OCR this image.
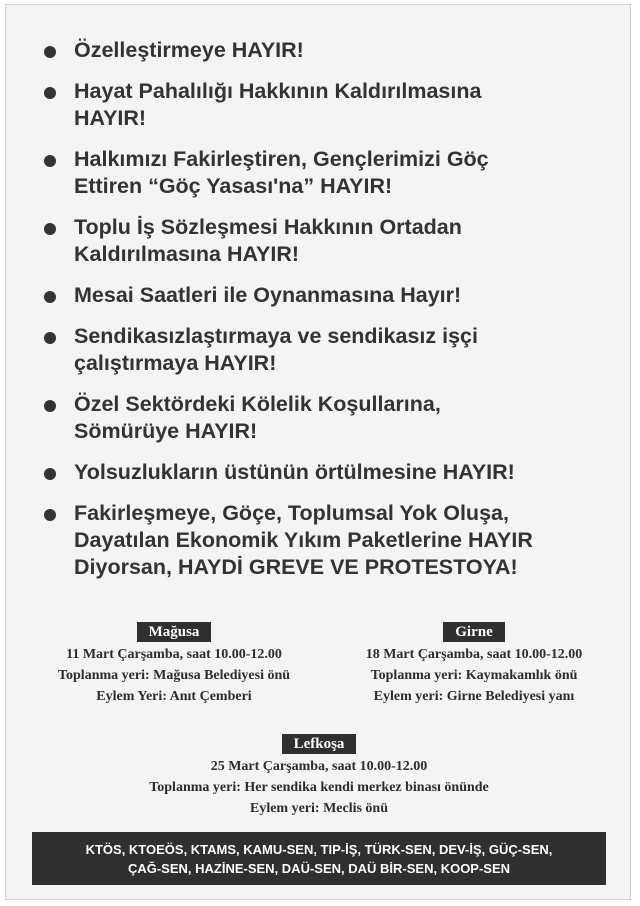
Özelleştirmeye HAYIR!
Hayat Pahalılığı Hakkının Kaldırılmasına
HAYIR!
Halkımızı Fakirleştiren, Gençlerimizi Göç
Ettiren “Göç Yasası'na” HAYIR!
Toplu İş Sözleşmesi Hakkının Ortadan
Kaldırılmasına HAYIR!
Mesai Saatleri ile Oynanmasına Hayır!
Sendikasızlaştırmaya ve sendikasız işçi
çalıştırmaya HAYIR!
Özel Sektördeki Kölelik Koşullarına,
Sömürüye HAYIR!
Yolsuzlukların üstünün örtülmesine HAYIR!
Fakirleşmeye, Göçe, Toplumsal Yok Oluşa,
Dayatılan Ekonomik Yıkım Paketlerine HAYIR
Diyorsan, HAYDİ GREVE VE PROTESTOYA!
Mağusa
11 Mart Çarşamba, saat 10.00-12.00
Toplanma yeri: Mağusa Belediyesi önü
Eylem Yeri: Anıt Çemberi
Girne
18 Mart Çarşamba, saat 10.00-12.00
Toplanma yeri: Kaymakamlık önü
Eylem yeri: Girne Belediyesi yanı
Lefkoşa
25 Mart Çarşamba, saat 10.00-12.00
Toplanma yeri: Her sendika kendi merkez binası önünde
Eylem yeri: Meclis önü
KTÖS, KTOEÖS, KTAMS, KAMU-SEN, TIP-İŞ, TÜRK-SEN, DEV-İŞ, GÜÇ-SEN,
ÇAĞ-SEN, HAZİNE-SEN, DAÜ-SEN, DAÜ BİR-SEN, KOOP-SEN
